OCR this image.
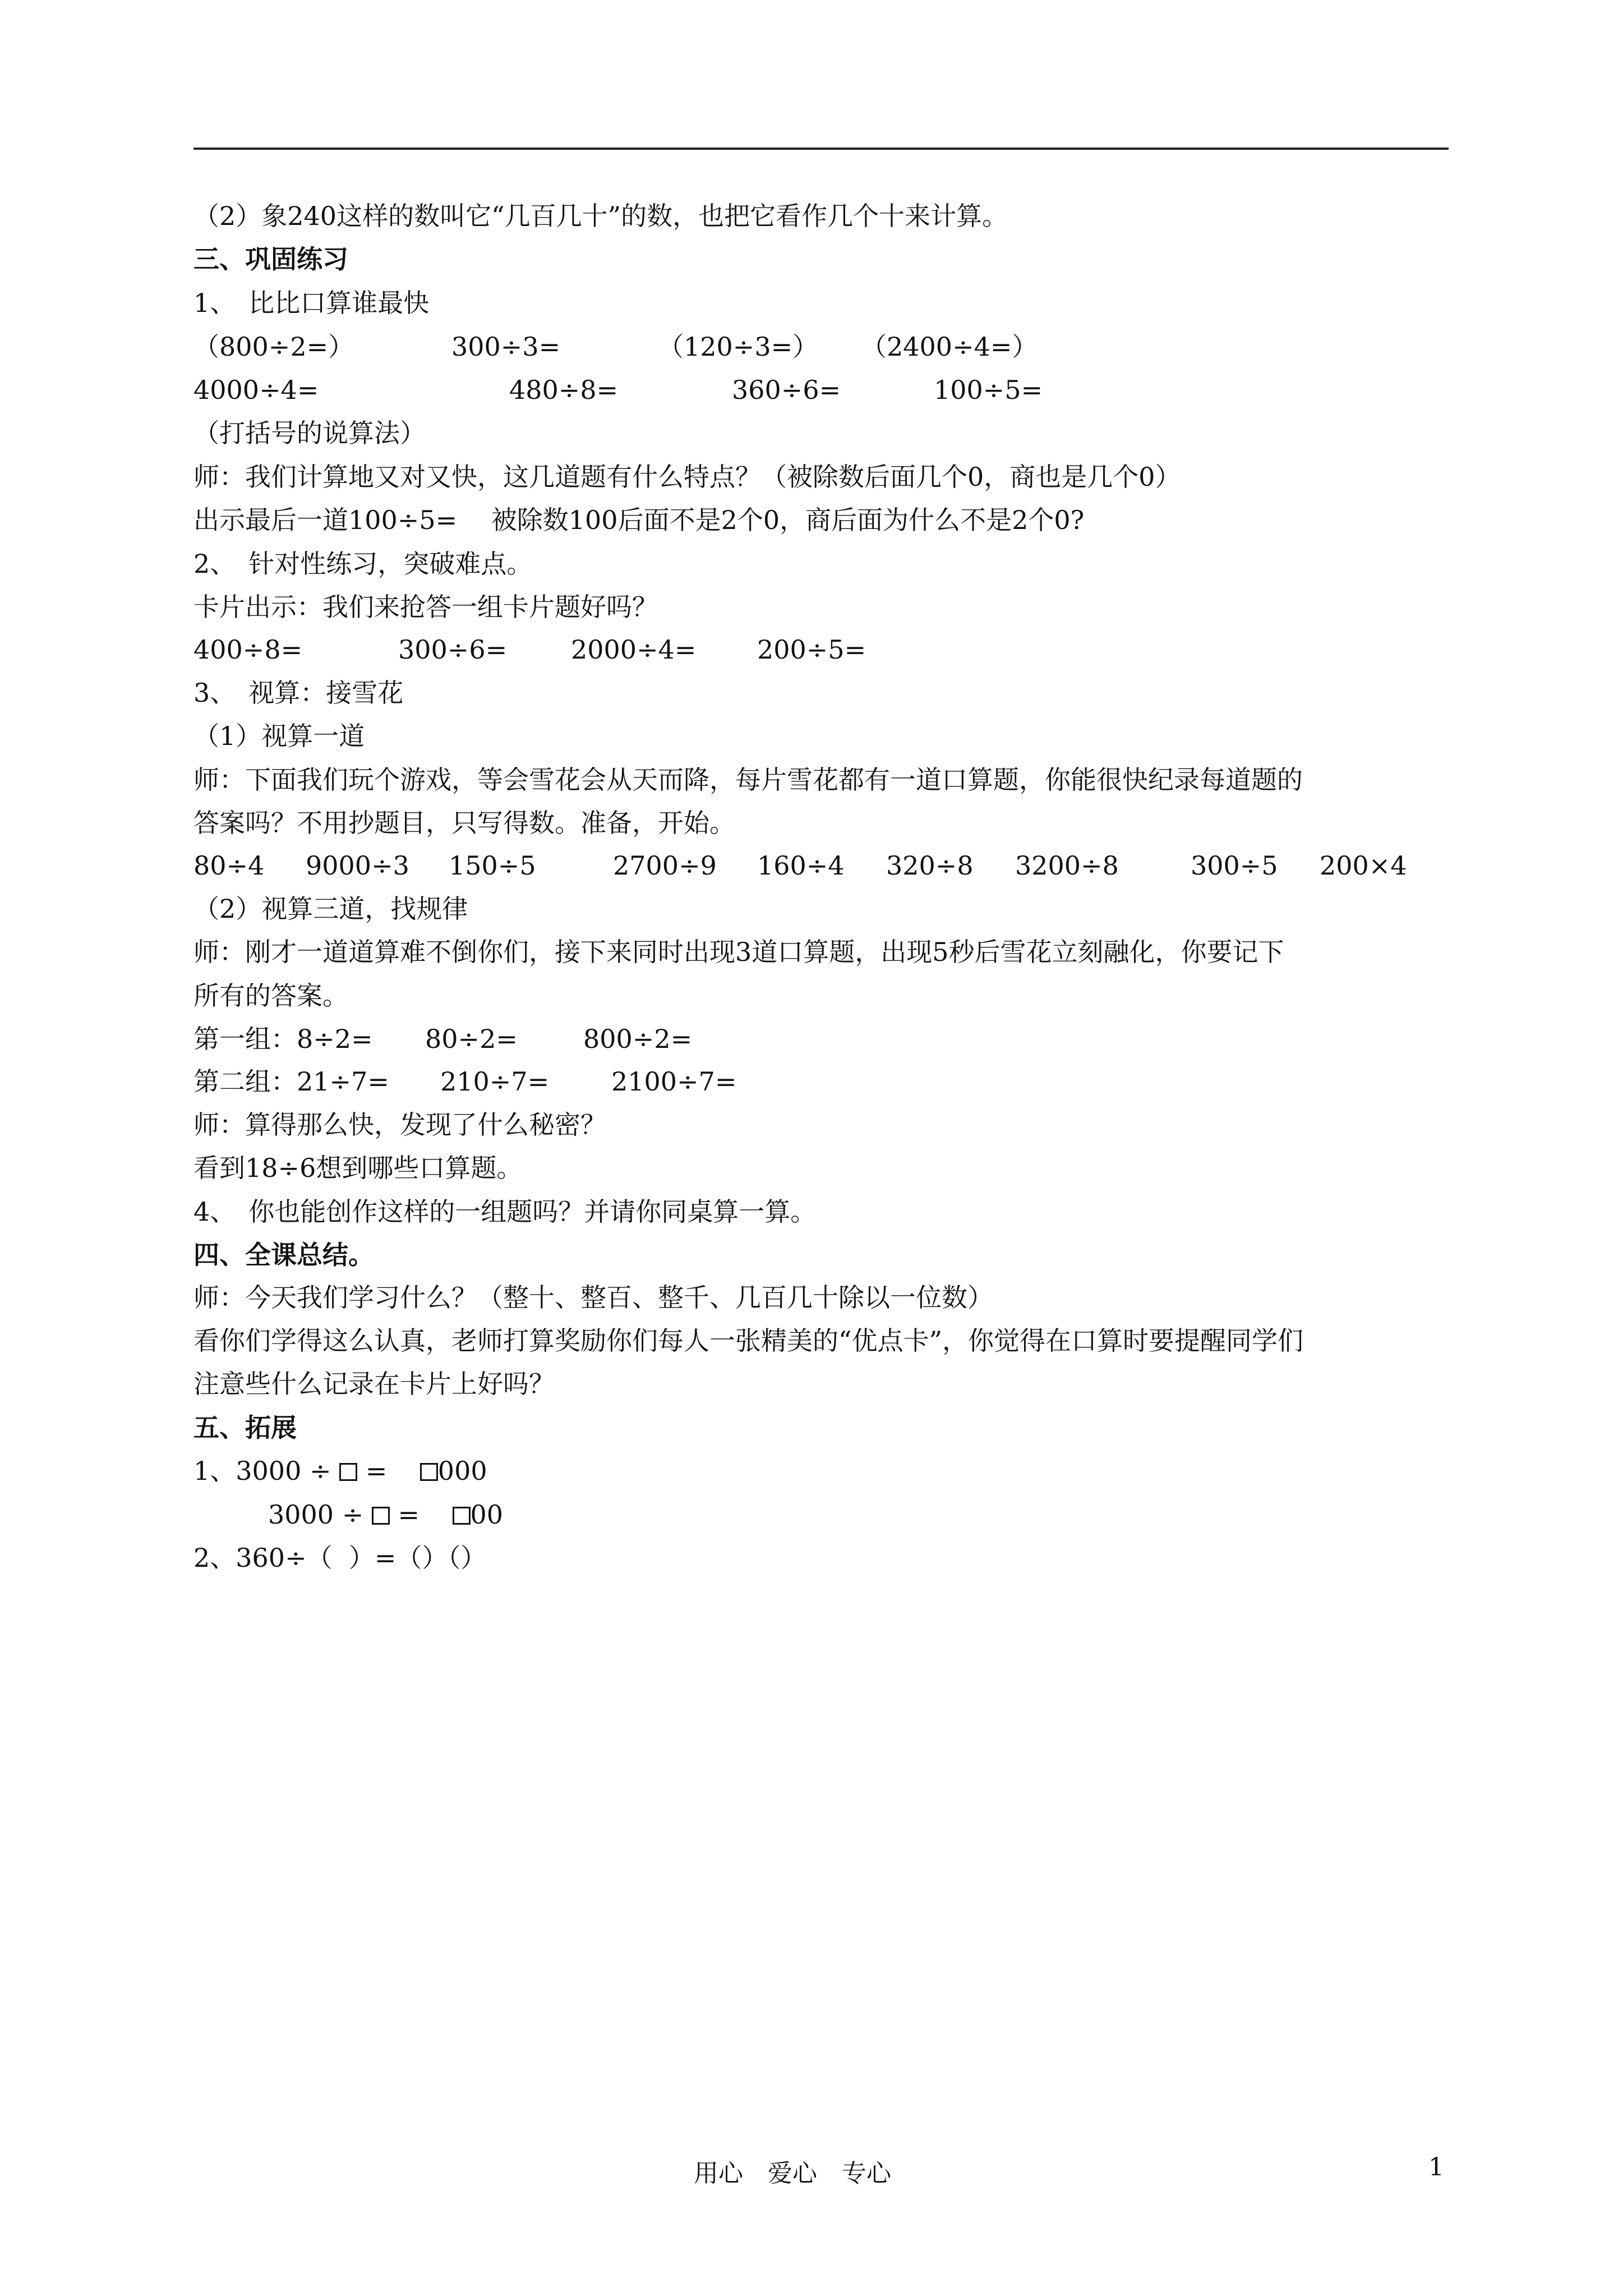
（2）象240这样的数叫它“几百几十”的数，也把它看作几个十来计算。
三、巩固练习
1、　比比口算谁最快
（800÷2=）	300÷3=	（120÷3=） （2400÷4=）
4000÷4=	480÷8=	360÷6=	100÷5=
（打括号的说算法）
师：我们计算地又对又快，这几道题有什么特点？（被除数后面几个0，商也是几个0）
出示最后一道100÷5=　 被除数100后面不是2个0，商后面为什么不是2个0?
2、　针对性练习，突破难点。
卡片出示：我们来抢答一组卡片题好吗？
400÷8=	300÷6= 2000÷4= 200÷5=
3、　视算：接雪花
（1）视算一道
师：下面我们玩个游戏，等会雪花会从天而降，每片雪花都有一道口算题，你能很快纪录每道题的
答案吗？不用抄题目，只写得数。准备，开始。
80÷4 9000÷3 150÷5	2700÷9 160÷4 320÷8 3200÷8	300÷5 200×4
（2）视算三道，找规律
师：刚才一道道算难不倒你们，接下来同时出现3道口算题，出现5秒后雪花立刻融化，你要记下
所有的答案。
第一组：8÷2= 80÷2=	800÷2=
第二组：21÷7= 210÷7= 2100÷7=
师：算得那么快，发现了什么秘密？
看到18÷6想到哪些口算题。
4、　你也能创作这样的一组题吗？并请你同桌算一算。
四、全课总结。
师：今天我们学习什么？（整十、整百、整千、几百几十除以一位数）
看你们学得这么认真，老师打算奖励你们每人一张精美的“优点卡”，你觉得在口算时要提醒同学们
注意些什么记录在卡片上好吗？
五、拓展
1、3000 ÷ = 000
3000 ÷ = 00
2、360÷（  ）=（）（）
用心　爱心　专心	1
